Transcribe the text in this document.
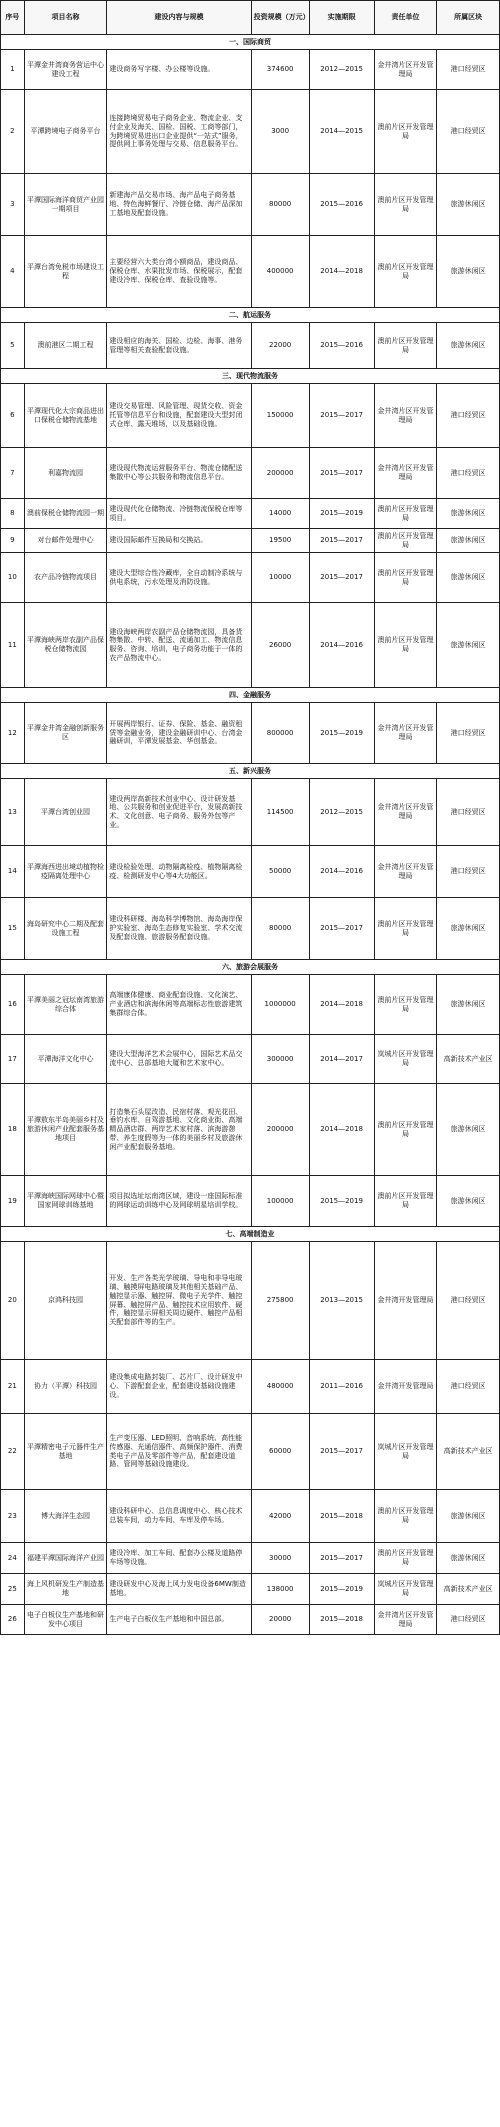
序号	项目名称	建设内容与规模	投资规模（万元）	实施期限	责任单位	所属区块
一、国际商贸						
1	平潭金井湾商务营运中心建设工程	建设商务写字楼、办公楼等设施。	374600	2012—2015	金井湾片区开发管理局	港口经贸区
2	平潭跨境电子商务平台	连接跨境贸易电子商务企业、物流企业、支付企业及海关、国检、国税、工商等部门，为跨境贸易进出口企业提供“一站式”服务，提供网上事务处理与交易、信息服务平台。	3000	2014—2015	澳前片区开发管理局	港口经贸区
3	平潭国际海洋商贸产业园一期项目	新建海产品交易市场、海产品电子商务基地、特色海鲜餐厅、冷链仓储、海产品深加工基地及配套设施。	80000	2015—2016	澳前片区开发管理局	旅游休闲区
4	平潭台湾免税市场建设工程	主要经营六大类台湾小额商品，建设商品、保税仓库、水果批发市场、保税展示，配套建设冷库、保税仓库、查验设施等。	400000	2014—2018	澳前片区开发管理局	旅游休闲区
二、航运服务						
5	澳前港区二期工程	建设相应的海关、国检、边检、海事、港务管理等相关查验配套设施。	22000	2015—2016	澳前片区开发管理局	旅游休闲区
三、现代物流服务						
6	平潭现代化大宗商品进出口保税仓储物流基地	建设交易管理、风险管理、现货交收、资金托管等信息平台和设施，配套建设大型封闭式仓库、露天堆场，以及基础设施。	150000	2015—2017	金井湾片区开发管理局	港口经贸区
7	利嘉物流园	建设现代物流运营服务平台、物流仓储配送集散中心等公共服务和物流信息平台。	200000	2015—2017	金井湾片区开发管理局	港口经贸区
8	澳前保税仓储物流园一期	建设现代化仓储物流、冷链物流保税仓库等项目。	14000	2015—2019	澳前片区开发管理局	旅游休闲区
9	对台邮件处理中心	建设国际邮件互换局和交换站。	19500	2015—2017	澳前片区开发管理局	旅游休闲区
10	农产品冷链物流项目	建设大型综合性冷藏库，全自动制冷系统与供电系统，污水处理及消防设施。	10000	2015—2017	澳前片区开发管理局	旅游休闲区
11	平潭海峡两岸农副产品保税仓储物流园	建设海峡两岸农副产品仓储物流园，具备货物集散、中转、配送、流通加工、物流信息服务、咨询、培训，电子商务功能于一体的农产品物流中心。	26000	2014—2016	澳前片区开发管理局	旅游休闲区
四、金融服务						
12	平潭金井湾金融创新服务区	开展两岸银行、证券、保险、基金、融资租赁等金融业务，建设金融研训中心、台湾金融研训，平潭发展基金、华创基金。	800000	2015—2019	金井湾片区开发管理局	港口经贸区
五、新兴服务						
13	平潭台湾创业园	建设两岸高新技术创业中心、设计研发基地、公共服务和创业促进平台，发展高新技术、文化创意、电子商务、服务外包等产业。	114500	2012—2015	金井湾片区开发管理局	港口经贸区
14	平潭海西进出境动植物检疫隔离处理中心	建设检验处理、动物隔离检疫、植物隔离检疫、检测研发中心等4大功能区。	50000	2014—2016	金井湾片区开发管理局	港口经贸区
15	海岛研究中心二期及配套设施工程	建设科研楼、海岛科学博物馆、海岛海岸保护实验室、海岛生态修复实验室、学术交流及配套设施、旅游服务配套设施。	80000	2015—2017	澳前片区开发管理局	旅游休闲区
六、旅游会展服务						
16	平潭美丽之冠坛南湾旅游综合体	高端康体健康、商业配套设施、文化演艺、产业酒店和滨海休闲等高端标志性旅游建筑集群综合体。	1000000	2014—2018	澳前片区开发管理局	旅游休闲区
17	平潭海洋文化中心	建设大型海洋艺术会展中心，国际艺术品交流中心、总部基地大厦和艺术家中心。	300000	2014—2017	岚城片区开发管理局	高新技术产业区
18	平潭敖东半岛美丽乡村及旅游休闲产业配套服务基地项目	打造集石头屋改造、民宿村落、观光花田、垂钓水库、自驾游基地、文化商业街、高端精品酒店群、两岸艺术家村落、滨海游憩带、养生度假等为一体的美丽乡村及旅游休闲产业配套服务基地。	200000	2014—2018	澳前片区开发管理局	旅游休闲区
19	平潭海峡国际网球中心暨国家网球训练基地	项目拟选址坛南湾区域，建设一座国际标准的网球运动训练中心及网球明星培训学校。	100000	2015—2019	澳前片区开发管理局	旅游休闲区
七、高端制造业						
20	京鸿科技园	开发、生产各类光学玻璃、导电和非导电玻璃、触摸屏电路玻璃及其他相关基础产品、触控显示器、触控屏、微电子光学件、触控屏幕、触控屏产品、触控技术应用软件、硬件，触控显示屏相关周边硬件、触控产品相关配套部件等的生产。	275800	2013—2015	金井湾开发管理局	港口经贸区
21	协力（平潭）科技园	建设集成电路封装厂、芯片厂、设计研发中心、下游配套企业，配套建设基础设施建设。	480000	2011—2016	金井湾开发管理局	港口经贸区
22	平潭精密电子元器件生产基地	生产变压器、LED照明、音响系统、高性能传感器、光通信器件、高频保护器件、消费类电子产品及零部件等产品，配套建设道路、管网等基础设施建设。	60000	2015—2017	岚城片区开发管理局	高新技术产业区
23	博大海洋生态园	建设科研中心、总信息调度中心、核心技术总装车间，动力车间、车库及停车场。	42000	2015—2018	澳前片区开发管理局	旅游休闲区
24	福建平潭国际海洋产业园	建设冷库、加工车间、配套办公楼及道路停车场等设施。	30000	2015—2017	澳前片区开发管理局	旅游休闲区
25	海上风机研发生产制造基地	建设研发中心及海上风力发电设备6MW制造基地。	138000	2015—2019	岚城片区开发管理局	高新技术产业区
26	电子白板仪生产基地和研发中心项目	生产电子白板仪生产基地和中国总部。	20000	2015—2018	金井湾片区开发管理局	港口经贸区
